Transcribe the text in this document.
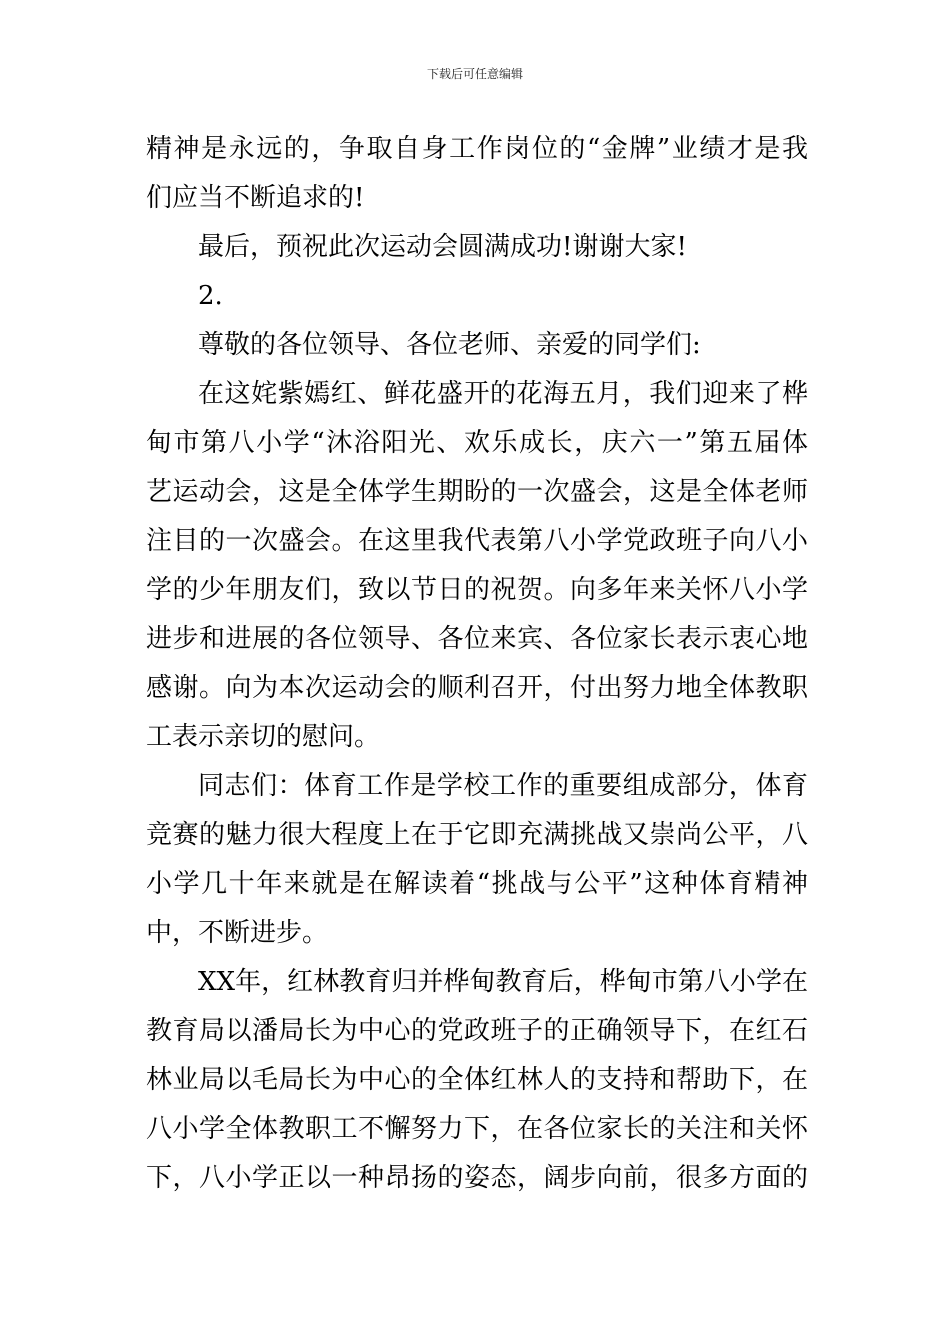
下载后可任意编辑
精神是永远的，争取自身工作岗位的“金牌”业绩才是我
们应当不断追求的!
最后，预祝此次运动会圆满成功!谢谢大家!
2.
尊敬的各位领导、各位老师、亲爱的同学们:
在这姹紫嫣红、鲜花盛开的花海五月，我们迎来了桦
甸市第八小学“沐浴阳光、欢乐成长，庆六一”第五届体
艺运动会，这是全体学生期盼的一次盛会，这是全体老师
注目的一次盛会。在这里我代表第八小学党政班子向八小
学的少年朋友们，致以节日的祝贺。向多年来关怀八小学
进步和进展的各位领导、各位来宾、各位家长表示衷心地
感谢。向为本次运动会的顺利召开，付出努力地全体教职
工表示亲切的慰问。
同志们：体育工作是学校工作的重要组成部分，体育
竞赛的魅力很大程度上在于它即充满挑战又崇尚公平，八
小学几十年来就是在解读着“挑战与公平”这种体育精神
中，不断进步。
XX年，红林教育归并桦甸教育后，桦甸市第八小学在
教育局以潘局长为中心的党政班子的正确领导下，在红石
林业局以毛局长为中心的全体红林人的支持和帮助下，在
八小学全体教职工不懈努力下，在各位家长的关注和关怀
下，八小学正以一种昂扬的姿态，阔步向前，很多方面的
